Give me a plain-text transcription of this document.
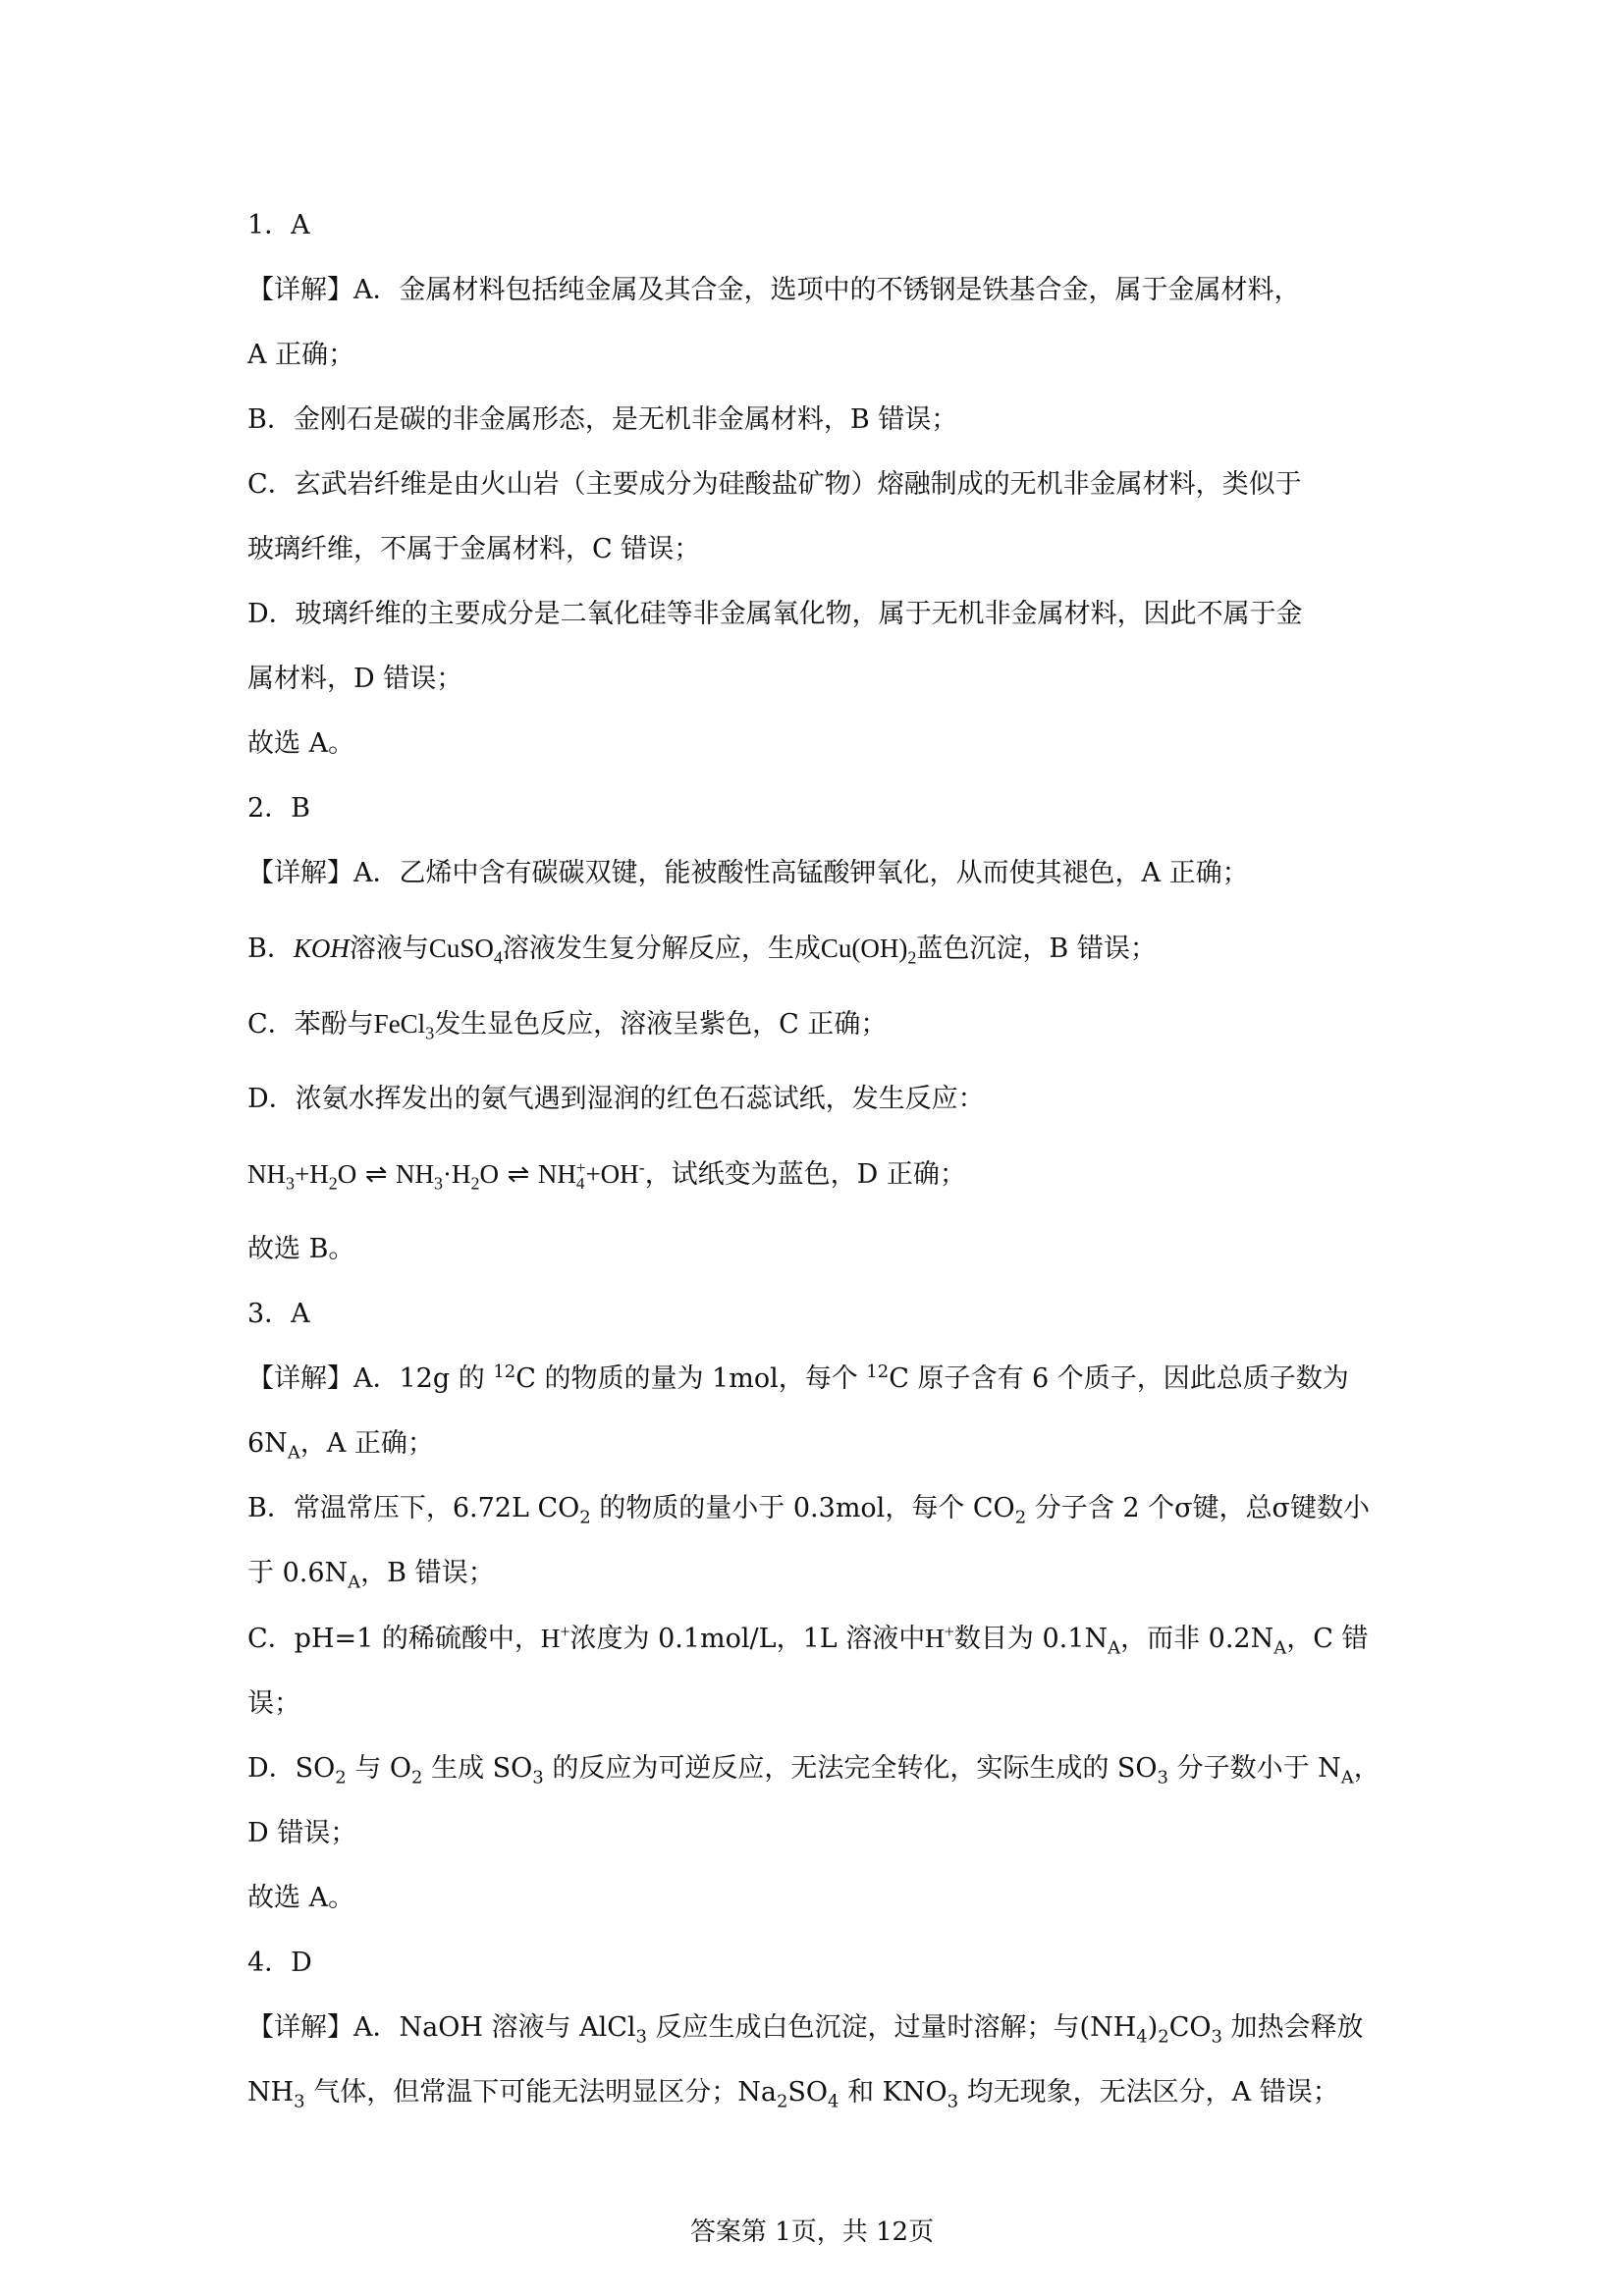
1．A

【详解】A．金属材料包括纯金属及其合金，选项中的不锈钢是铁基合金，属于金属材料，

A 正确；

B．金刚石是碳的非金属形态，是无机非金属材料，B 错误；

C．玄武岩纤维是由火山岩（主要成分为硅酸盐矿物）熔融制成的无机非金属材料，类似于

玻璃纤维，不属于金属材料，C 错误；

D．玻璃纤维的主要成分是二氧化硅等非金属氧化物，属于无机非金属材料，因此不属于金

属材料，D 错误；

故选 A。

2．B

【详解】A．乙烯中含有碳碳双键，能被酸性高锰酸钾氧化，从而使其褪色，A 正确；

B．KOH溶液与CuSO$_4$溶液发生复分解反应，生成$Cu(OH)_2$蓝色沉淀，B 错误；

C．苯酚与FeCl$_3$发生显色反应，溶液呈紫色，C 正确；

D．浓氨水挥发出的氨气遇到湿润的红色石蕊试纸，发生反应：

$NH_3+H_2O$ ⇌ $NH_3\cdot H_2O$ ⇌ NH +
4 +OH-，试纸变为蓝色，D 正确；

故选 B。

3．A

【详解】A．12g 的 $^{12}$C 的物质的量为 1mol，每个 $^{12}$C 原子含有 6 个质子，因此总质子数为

$6N_A$，A 正确；

B．常温常压下，6.72L $CO_2$ 的物质的量小于 0.3mol，每个 $CO_2$ 分子含 2 个σ键，总σ键数小

于 $0.6N_A$，B 错误；

C．pH=1 的稀硫酸中，H+浓度为 0.1mol/L，1L 溶液中H+数目为 $0.1N_A$，而非 $0.2N_A$，C 错

误；

D．$SO_2$ 与 $O_2$ 生成 $SO_3$ 的反应为可逆反应，无法完全转化，实际生成的 $SO_3$ 分子数小于 $N_A$，

D 错误；

故选 A。

4．D

【详解】A．NaOH 溶液与 AlCl$_3$ 反应生成白色沉淀，过量时溶解；与$(NH_4)_2CO_3$ 加热会释放

$NH_3$ 气体，但常温下可能无法明显区分；$Na_2SO_4$ 和 $KNO_3$ 均无现象，无法区分，A 错误；

答案第 1页，共 12页
